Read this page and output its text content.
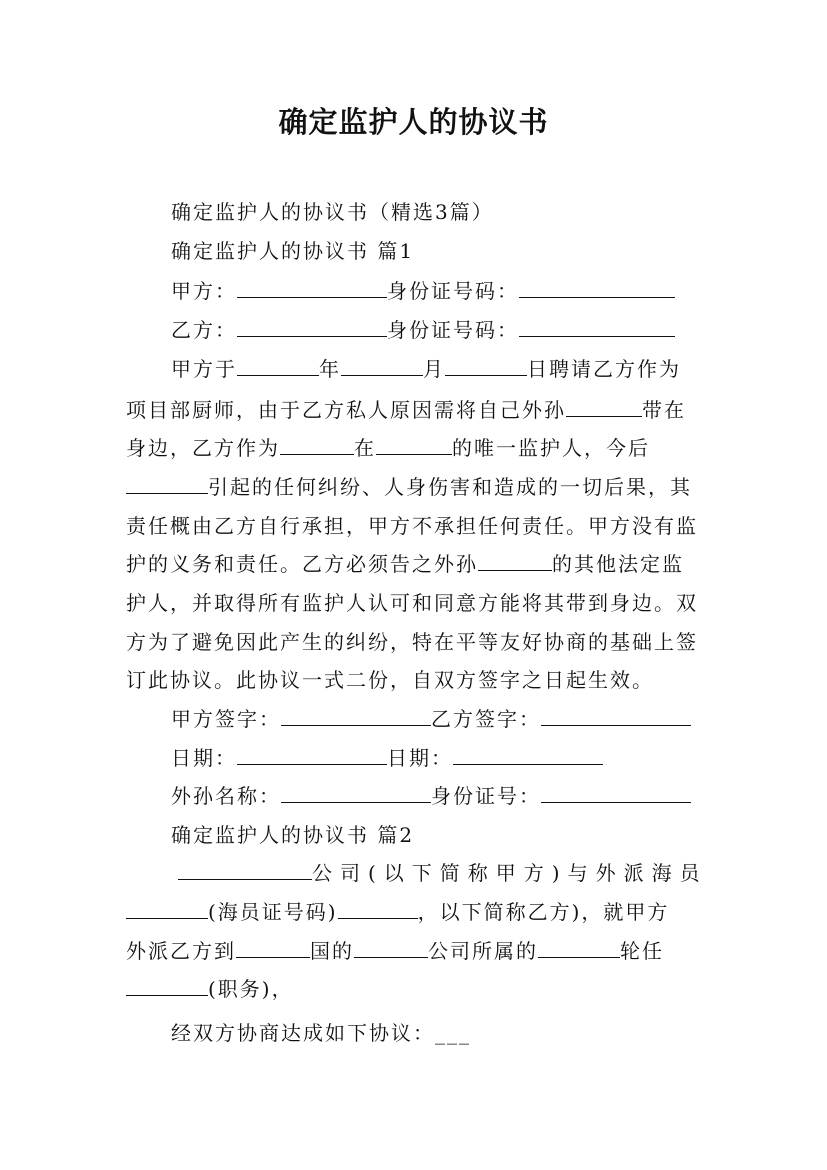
确定监护人的协议书
确定监护人的协议书（精选3篇）
确定监护人的协议书 篇1
甲方：	身份证号码：
乙方：	身份证号码：
甲方于	年	月	日聘请乙方作为
项目部厨师，由于乙方私人原因需将自己外孙	带在
身边，乙方作为	在	的唯一监护人，今后
引起的任何纠纷、人身伤害和造成的一切后果，其
责任概由乙方自行承担，甲方不承担任何责任。甲方没有监
护的义务和责任。乙方必须告之外孙	的其他法定监
护人，并取得所有监护人认可和同意方能将其带到身边。双
方为了避免因此产生的纠纷，特在平等友好协商的基础上签
订此协议。此协议一式二份，自双方签字之日起生效。
甲方签字：	乙方签字：
日期：	日期：
外孙名称：	身份证号：
确定监护人的协议书 篇2
公司(以下简称甲方)与外派海员
(海员证号码)	，以下简称乙方)，就甲方
外派乙方到	国的	公司所属的	轮任
(职务)，
经双方协商达成如下协议：___
